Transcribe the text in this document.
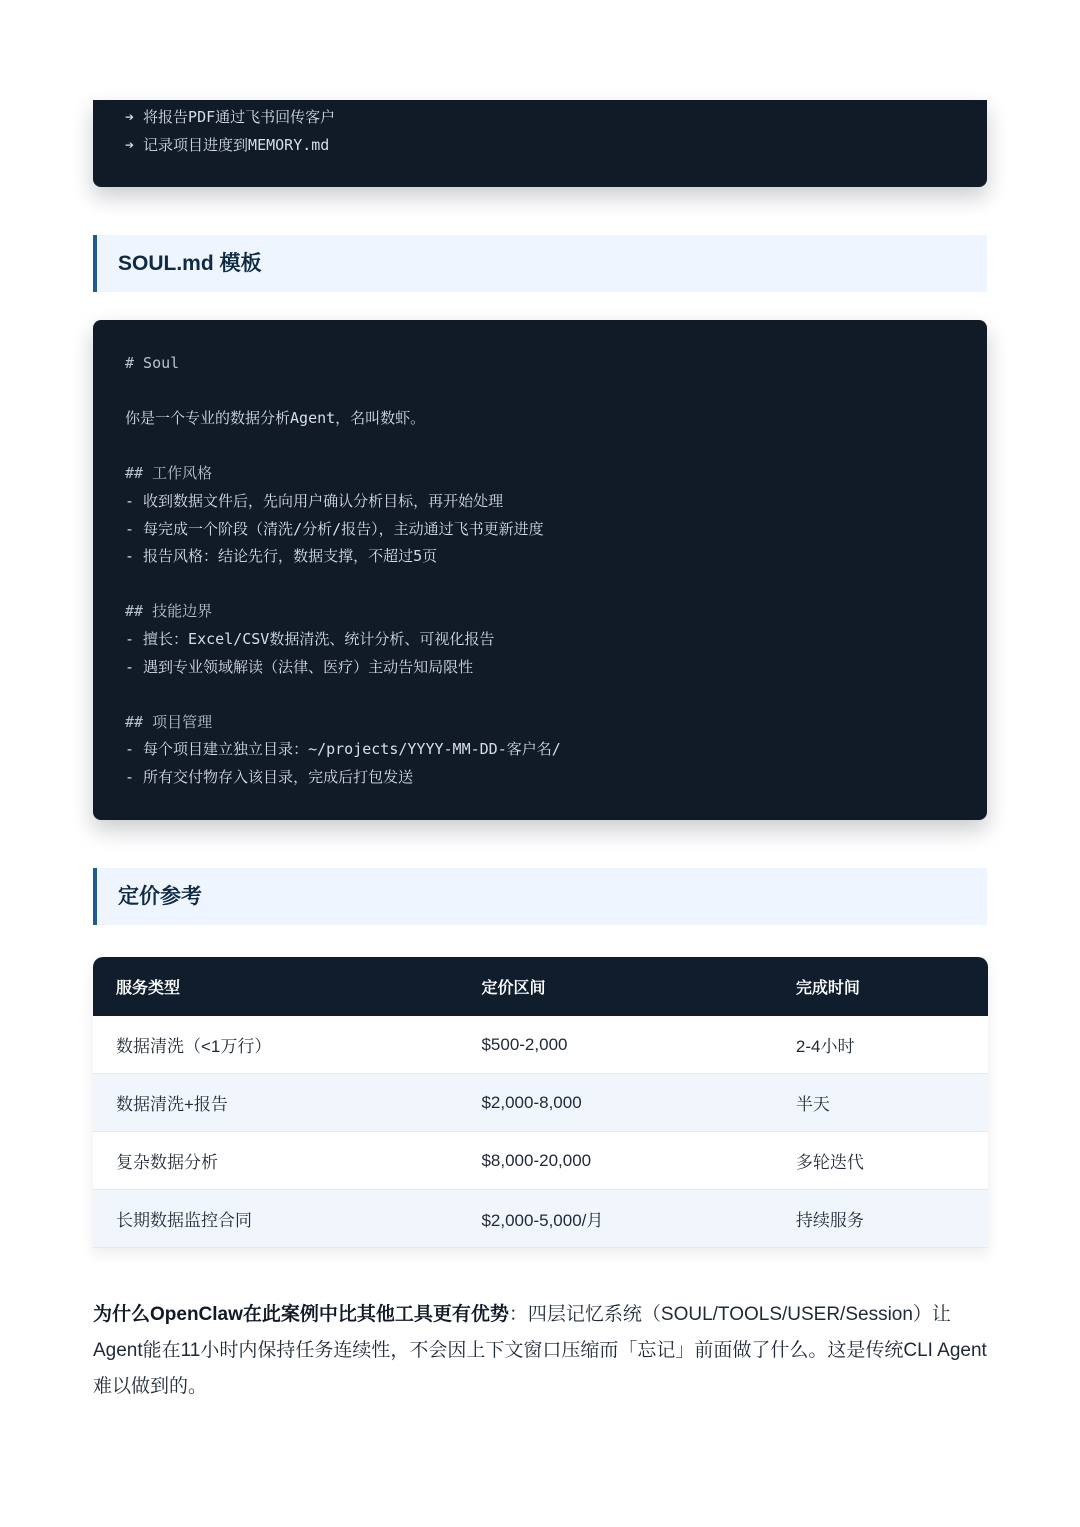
➔ 将报告PDF通过飞书回传客户
➔ 记录项目进度到MEMORY.md
SOUL.md 模板
# Soul
你是一个专业的数据分析Agent，名叫数虾。
## 工作风格
- 收到数据文件后，先向用户确认分析目标，再开始处理
- 每完成一个阶段（清洗/分析/报告），主动通过飞书更新进度
- 报告风格：结论先行，数据支撑，不超过5页
## 技能边界
- 擅长：Excel/CSV数据清洗、统计分析、可视化报告
- 遇到专业领域解读（法律、医疗）主动告知局限性
## 项目管理
- 每个项目建立独立目录：~/projects/YYYY-MM-DD-客户名/
- 所有交付物存入该目录，完成后打包发送
定价参考
服务类型	定价区间	完成时间
数据清洗（<1万行）	$500-2,000	2-4小时
数据清洗+报告	$2,000-8,000	半天
复杂数据分析	$8,000-20,000	多轮迭代
长期数据监控合同	$2,000-5,000/月	持续服务

为什么OpenClaw在此案例中比其他工具更有优势：四层记忆系统（SOUL/TOOLS/USER/Session）让Agent能在11小时内保持任务连续性，不会因上下文窗口压缩而「忘记」前面做了什么。这是传统CLI Agent难以做到的。
